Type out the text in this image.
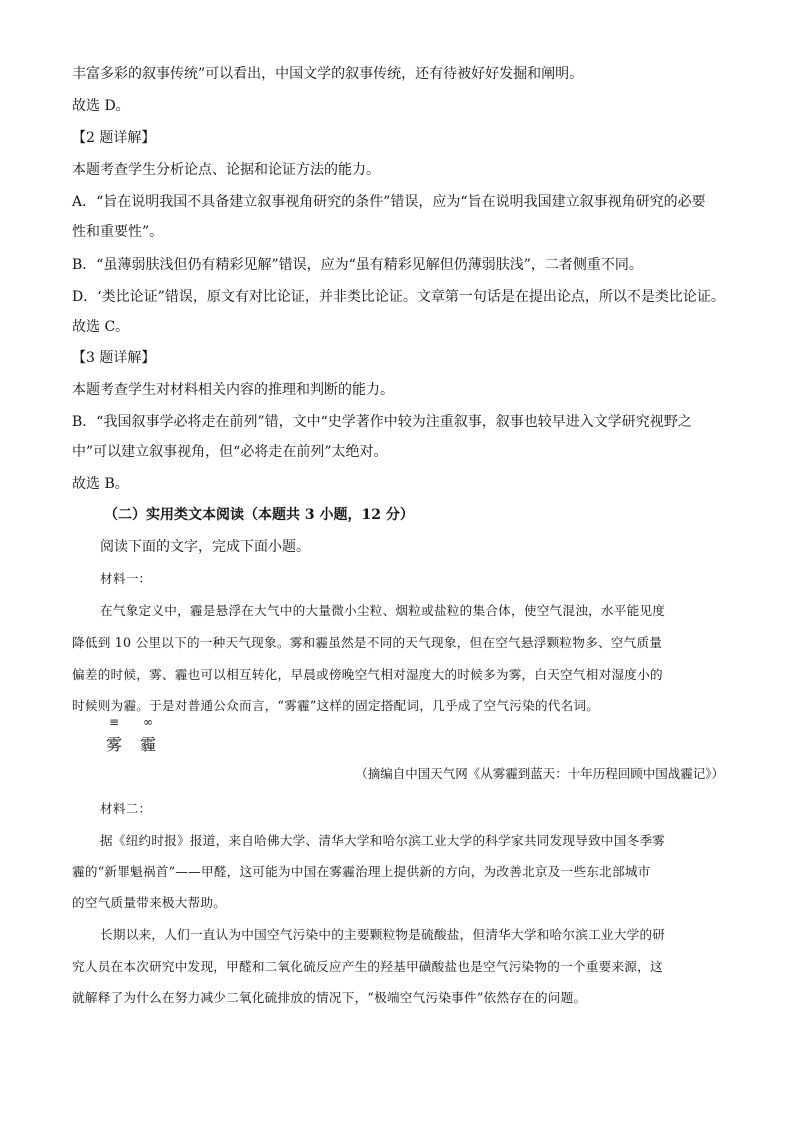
丰富多彩的叙事传统”可以看出，中国文学的叙事传统，还有待被好好发掘和阐明。
故选 D。
【2 题详解】
本题考查学生分析论点、论据和论证方法的能力。
A．“旨在说明我国不具备建立叙事视角研究的条件”错误，应为“旨在说明我国建立叙事视角研究的必要
性和重要性”。
B．“虽薄弱肤浅但仍有精彩见解”错误，应为“虽有精彩见解但仍薄弱肤浅”，二者侧重不同。
D．‘类比论证”错误，原文有对比论证，并非类比论证。文章第一句话是在提出论点，所以不是类比论证。
故选 C。
【3 题详解】
本题考查学生对材料相关内容的推理和判断的能力。
B．“我国叙事学必将走在前列”错，文中“史学著作中较为注重叙事，叙事也较早进入文学研究视野之
中”可以建立叙事视角，但“必将走在前列”太绝对。
故选 B。
（二）实用类文本阅读（本题共 3 小题，12 分）
阅读下面的文字，完成下面小题。
材料一：
在气象定义中，霾是悬浮在大气中的大量微小尘粒、烟粒或盐粒的集合体，使空气混浊，水平能见度
降低到 10 公里以下的一种天气现象。雾和霾虽然是不同的天气现象，但在空气悬浮颗粒物多、空气质量
偏差的时候，雾、霾也可以相互转化，早晨或傍晚空气相对湿度大的时候多为雾，白天空气相对湿度小的
时候则为霾。于是对普通公众而言，“雾霾”这样的固定搭配词，几乎成了空气污染的代名词。
≡
雾
∞
霾
（摘编自中国天气网《从雾霾到蓝天：十年历程回顾中国战霾记》）
材料二：
据《纽约时报》报道，来自哈佛大学、清华大学和哈尔滨工业大学的科学家共同发现导致中国冬季雾
霾的“新罪魁祸首”——甲醛，这可能为中国在雾霾治理上提供新的方向，为改善北京及一些东北部城市
的空气质量带来极大帮助。
长期以来，人们一直认为中国空气污染中的主要颗粒物是硫酸盐，但清华大学和哈尔滨工业大学的研
究人员在本次研究中发现，甲醛和二氧化硫反应产生的羟基甲磺酸盐也是空气污染物的一个重要来源，这
就解释了为什么在努力减少二氧化硫排放的情况下，“极端空气污染事件”依然存在的问题。
